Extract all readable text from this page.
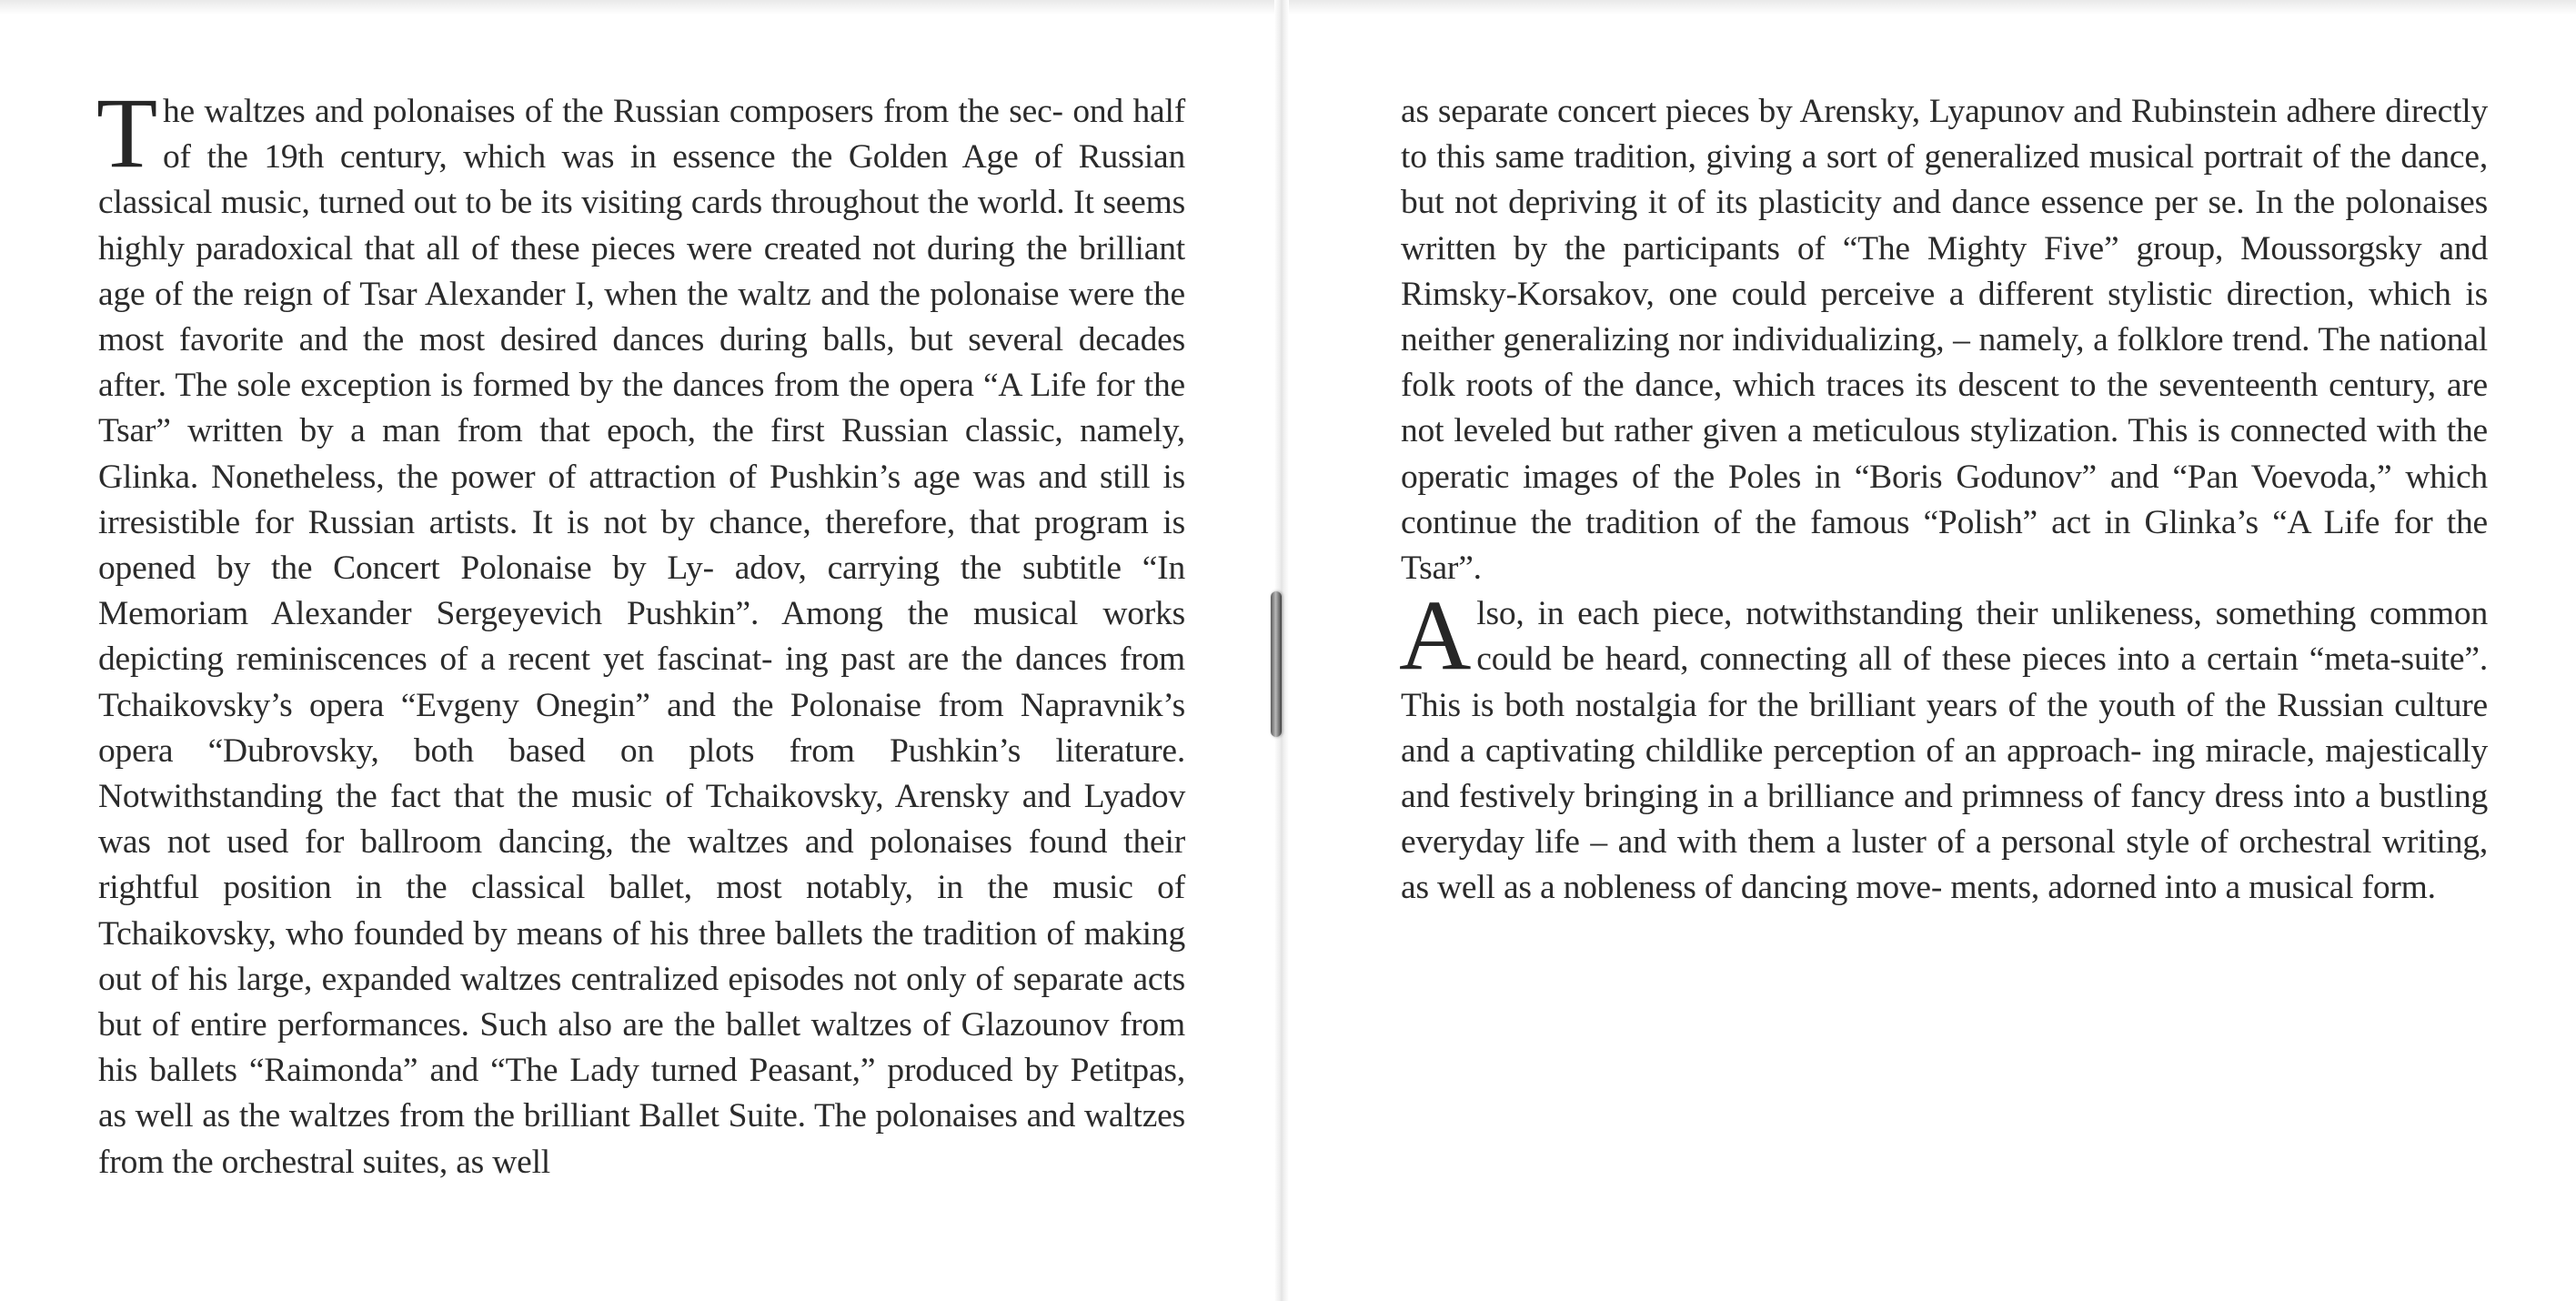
The waltzes and polonaises of the Russian composers from the sec- ond half of the 19th century, which was in essence the Golden Age of Russian classical music, turned out to be its visiting cards throughout the world. It seems highly paradoxical that all of these pieces were created not during the brilliant age of the reign of Tsar Alexander I, when the waltz and the polonaise were the most favorite and the most desired dances during balls, but several decades after. The sole exception is formed by the dances from the opera “A Life for the Tsar” written by a man from that epoch, the first Russian classic, namely, Glinka. Nonetheless, the power of attraction of Pushkin’s age was and still is irresistible for Russian artists. It is not by chance, therefore, that program is opened by the Concert Polonaise by Ly- adov, carrying the subtitle “In Memoriam Alexander Sergeyevich Pushkin”. Among the musical works depicting reminiscences of a recent yet fascinat- ing past are the dances from Tchaikovsky’s opera “Evgeny Onegin” and the Polonaise from Napravnik’s opera “Dubrovsky, both based on plots from Pushkin’s literature. Notwithstanding the fact that the music of Tchaikovsky, Arensky and Lyadov was not used for ballroom dancing, the waltzes and polonaises found their rightful position in the classical ballet, most notably, in the music of Tchaikovsky, who founded by means of his three ballets the tradition of making out of his large, expanded waltzes centralized episodes not only of separate acts but of entire performances. Such also are the ballet waltzes of Glazounov from his ballets “Raimonda” and “The Lady turned Peasant,” produced by Petitpas, as well as the waltzes from the brilliant Ballet Suite. The polonaises and waltzes from the orchestral suites, as well

as separate concert pieces by Arensky, Lyapunov and Rubinstein adhere directly to this same tradition, giving a sort of generalized musical portrait of the dance, but not depriving it of its plasticity and dance essence per se. In the polonaises written by the participants of “The Mighty Five” group, Moussorgsky and Rimsky-Korsakov, one could perceive a different stylistic direction, which is neither generalizing nor individualizing, – namely, a folklore trend. The national folk roots of the dance, which traces its descent to the seventeenth century, are not leveled but rather given a meticulous stylization. This is connected with the operatic images of the Poles in “Boris Godunov” and “Pan Voevoda,” which continue the tradition of the famous “Polish” act in Glinka’s “A Life for the Tsar”.

Also, in each piece, notwithstanding their unlikeness, something common could be heard, connecting all of these pieces into a certain “meta-suite”. This is both nostalgia for the brilliant years of the youth of the Russian culture and a captivating childlike perception of an approach- ing miracle, majestically and festively bringing in a brilliance and primness of fancy dress into a bustling everyday life – and with them a luster of a personal style of orchestral writing, as well as a nobleness of dancing move- ments, adorned into a musical form.
